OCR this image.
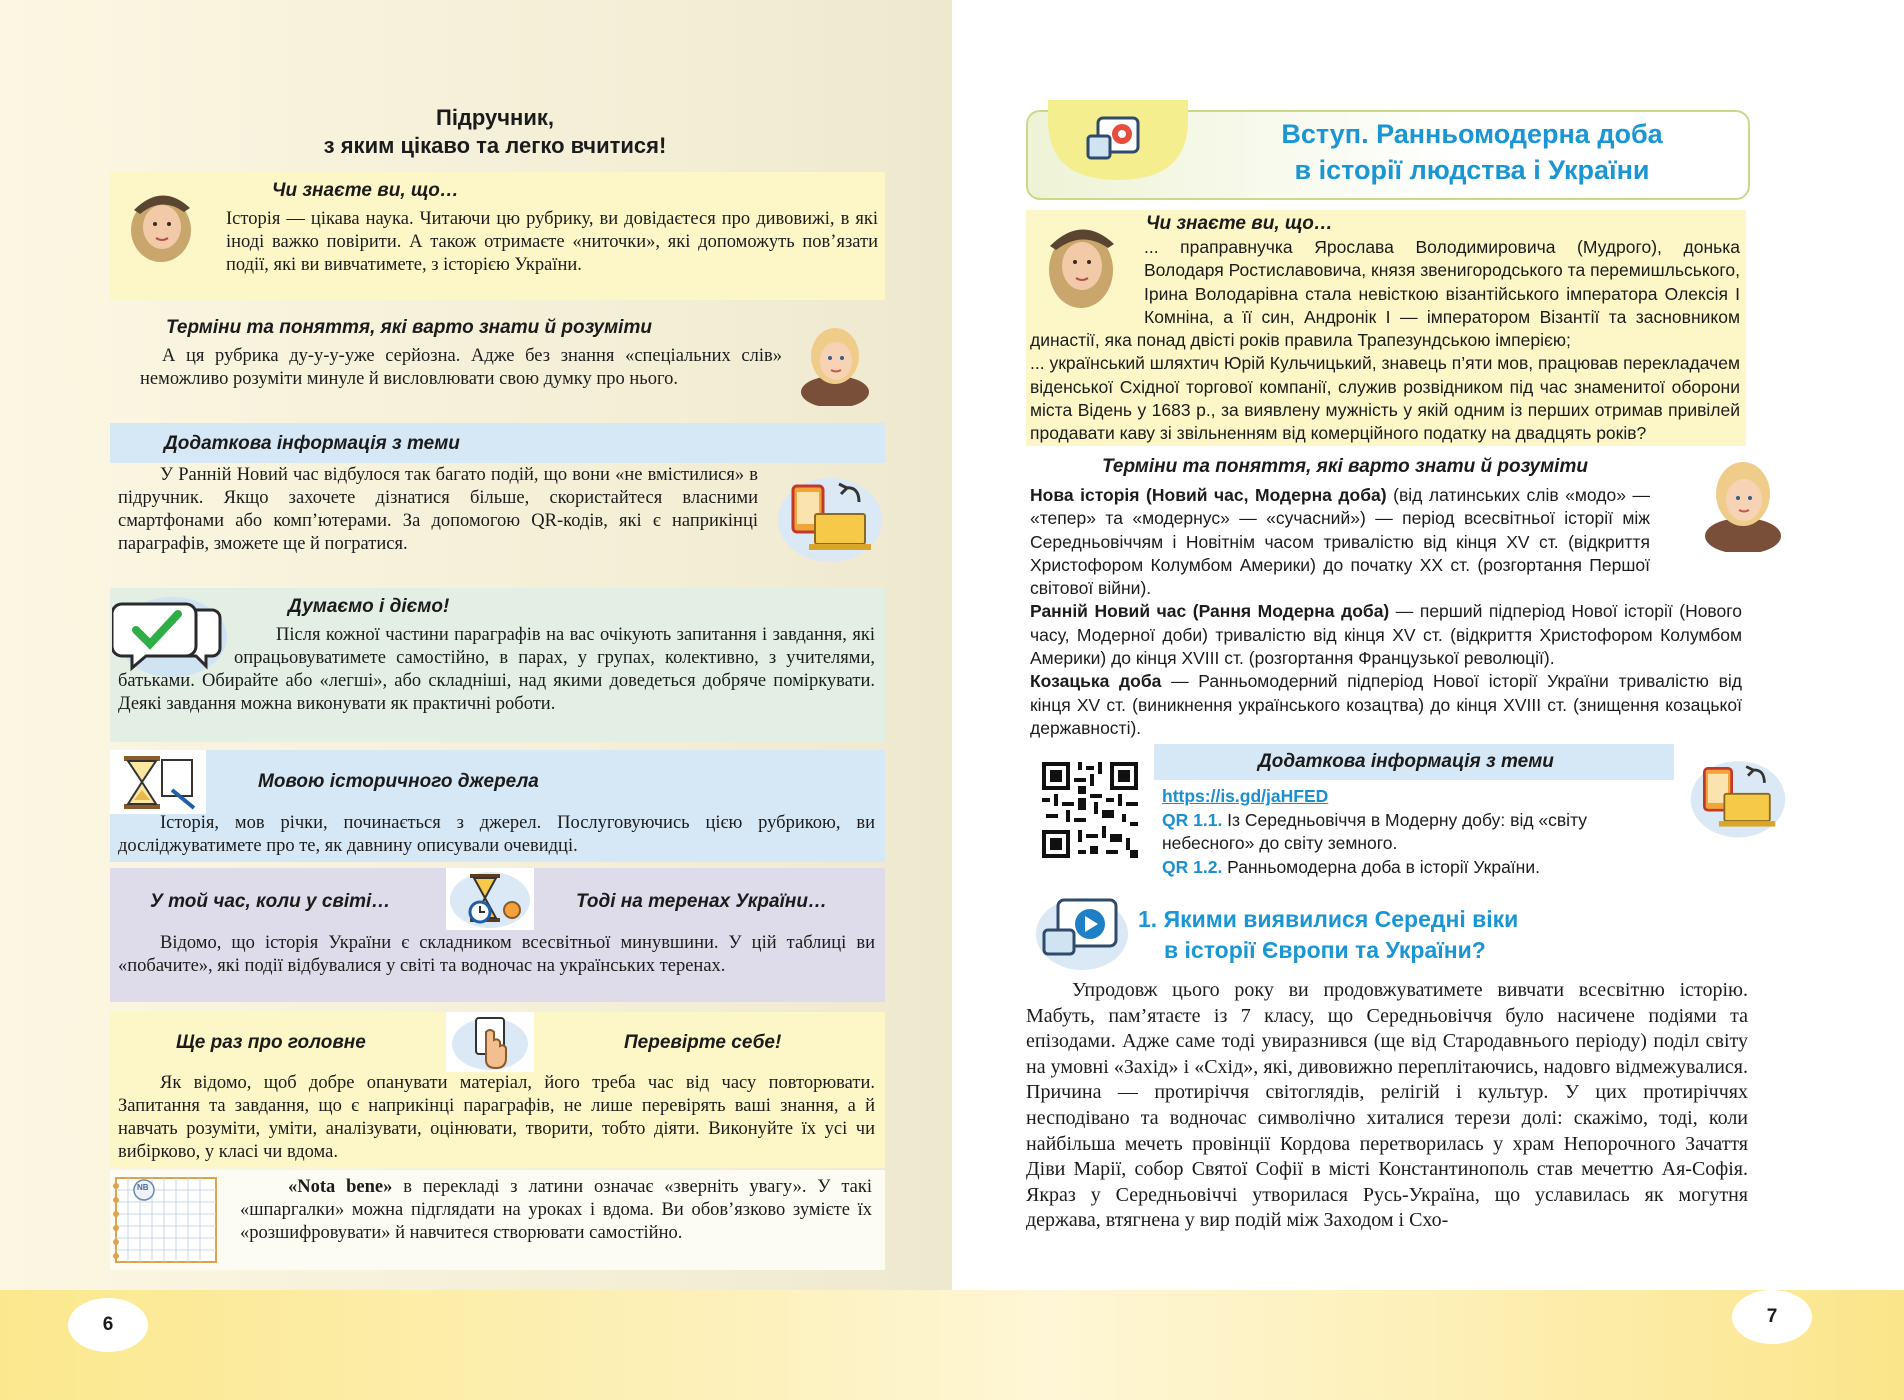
Підручник,
з яким цікаво та легко вчитися!
Чи знаєте ви, що…
Історія — цікава наука. Читаючи цю рубрику, ви довідаєтеся про дивовижі, в які іноді важко повірити. А також отримаєте «ниточки», які допоможуть пов’язати події, які ви вивчатимете, з історією України.
Терміни та поняття, які варто знати й розуміти
А ця рубрика ду-у-у-уже серйозна. Адже без знання «спеціальних слів» неможливо розуміти минуле й висловлювати свою думку про нього.
Додаткова інформація з теми
У Ранній Новий час відбулося так багато подій, що вони «не вмістилися» в підручник. Якщо захочете дізнатися більше, скористайтеся власними смартфонами або комп’ютерами. За допомогою QR-кодів, які є наприкінці параграфів, зможете ще й погратися.
Думаємо і діємо!
Після кожної частини параграфів на вас очікують запитання і завдання, які опрацьовуватимете самостійно, в парах, у групах, колективно, з учителями, батьками. Обирайте або «легші», або складніші, над якими доведеться добряче поміркувати. Деякі завдання можна виконувати як практичні роботи.
Мовою історичного джерела
Історія, мов річки, починається з джерел. Послуговуючись цією рубрикою, ви досліджуватимете про те, як давнину описували очевидці.
У той час, коли у світі…	Тоді на теренах України…
Відомо, що історія України є складником всесвітньої минувшини. У цій таблиці ви «побачите», які події відбувалися у світі та водночас на українських теренах.
Ще раз про головне	Перевірте себе!
Як відомо, щоб добре опанувати матеріал, його треба час від часу повторювати. Запитання та завдання, що є наприкінці параграфів, не лише перевірять ваші знання, а й навчать розуміти, уміти, аналізувати, оцінювати, творити, тобто діяти. Виконуйте їх усі чи вибірково, у класі чи вдома.
NB	«Nota bene» в перекладі з латини означає «зверніть увагу». У такі «шпаргалки» можна підглядати на уроках і вдома. Ви обов’язково зумієте їх «розшифровувати» й навчитеся створювати самостійно.
Вступ. Ранньомодерна доба
в історії людства і України
Чи знаєте ви, що…
... праправнучка Ярослава Володимировича (Мудрого), донька Володаря Ростиславовича, князя звенигородського та перемишльського, Ірина Володарівна стала невісткою візантійського імператора Олексія I Комніна, а її син, Андронік I — імператором Візантії та засновником династії, яка понад двісті років правила Трапезундською імперією;
... український шляхтич Юрій Кульчицький, знавець п’яти мов, працював перекладачем віденської Східної торгової компанії, служив розвідником під час знаменитої оборони міста Відень у 1683 р., за виявлену мужність у якій одним із перших отримав привілей продавати каву зі звільненням від комерційного податку на двадцять років?
Терміни та поняття, які варто знати й розуміти
Нова історія (Новий час, Модерна доба) (від латинських слів «модо» — «тепер» та «модернус» — «сучасний») — період всесвітньої історії між Середньовіччям і Новітнім часом тривалістю від кінця XV ст. (відкриття Христофором Колумбом Америки) до початку XX ст. (розгортання Першої світової війни).
Ранній Новий час (Рання Модерна доба) — перший підперіод Нової історії (Нового часу, Модерної доби) тривалістю від кінця XV ст. (відкриття Христофором Колумбом Америки) до кінця XVIII ст. (розгортання Французької революції).
Козацька доба — Ранньомодерний підперіод Нової історії України тривалістю від кінця XV ст. (виникнення українського козацтва) до кінця XVIII ст. (знищення козацької державності).
Додаткова інформація з теми
https://is.gd/jaHFED
QR 1.1. Із Середньовіччя в Модерну добу: від «світу небесного» до світу земного.
QR 1.2. Ранньомодерна доба в історії України.
1. Якими виявилися Середні віки
в історії Європи та України?
Упродовж цього року ви продовжуватимете вивчати всесвітню історію. Мабуть, пам’ятаєте із 7 класу, що Середньовіччя було насичене подіями та епізодами. Адже саме тоді увиразнився (ще від Стародавнього періоду) поділ світу на умовні «Захід» і «Схід», які, дивовижно переплітаючись, надовго відмежувалися. Причина — протиріччя світоглядів, релігій і культур. У цих протиріччях несподівано та водночас символічно хиталися терези долі: скажімо, тоді, коли найбільша мечеть провінції Кордова перетворилась у храм Непорочного Зачаття Діви Марії, собор Святої Софії в місті Константинополь став мечеттю Ая-Софія. Якраз у Середньовіччі утворилася Русь-Україна, що уславилась як могутня держава, втягнена у вир подій між Заходом і Схо-
6	7
